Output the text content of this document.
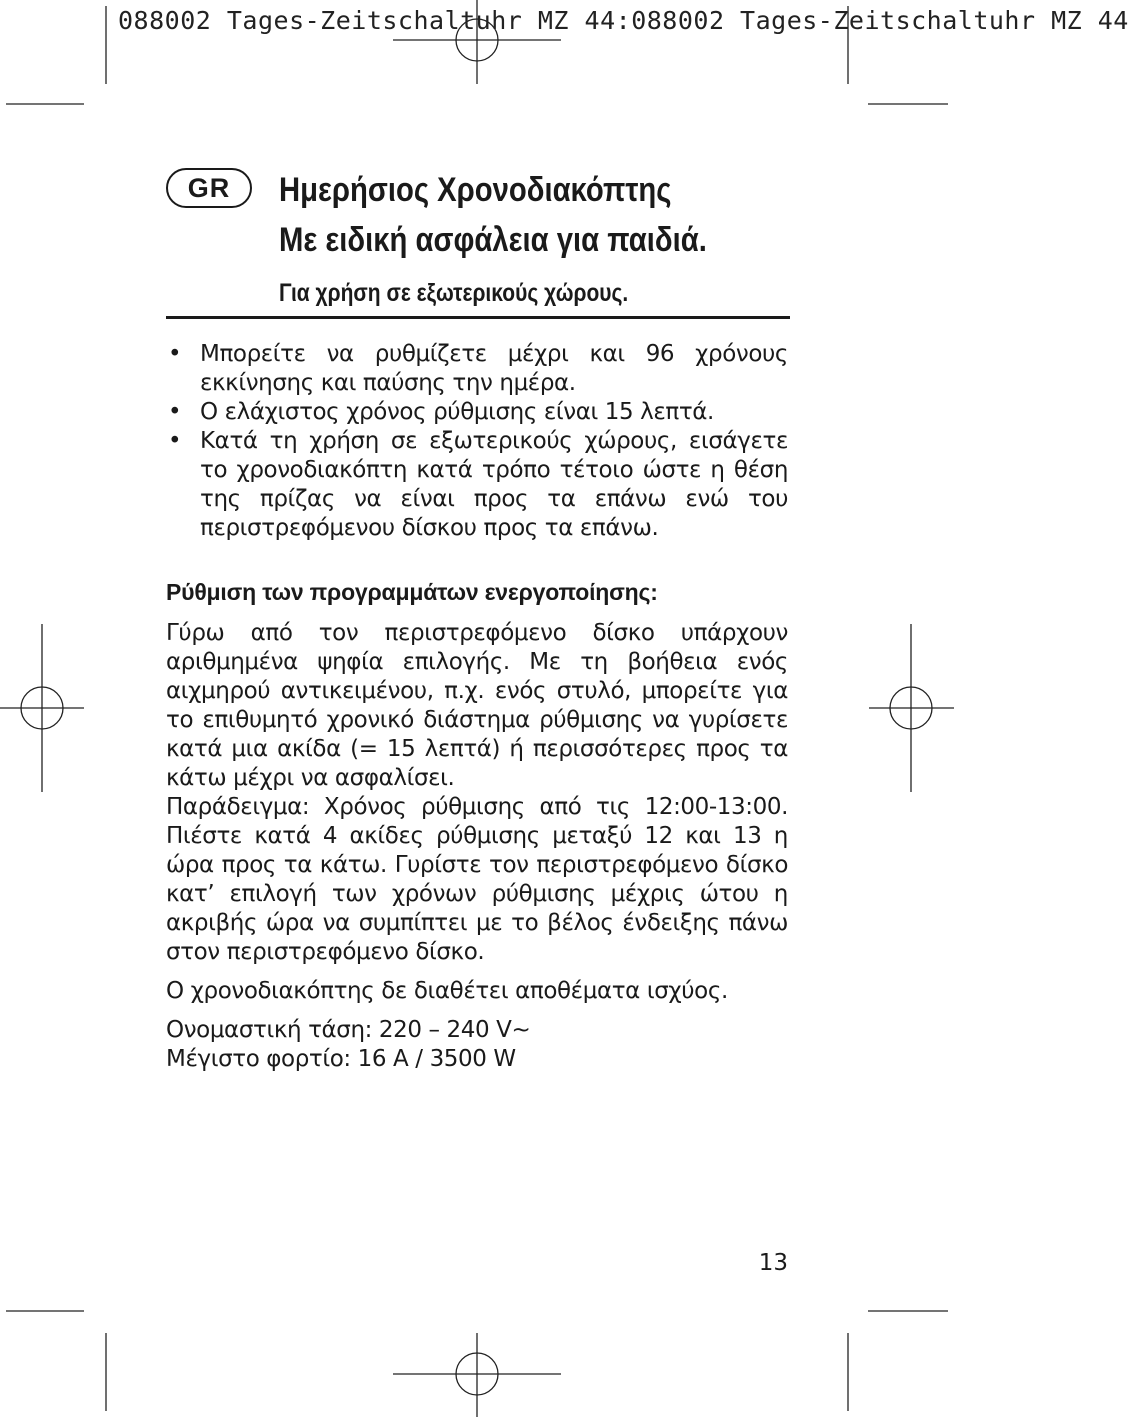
088002 Tages-Zeitschaltuhr MZ 44:088002 Tages-Zeitschaltuhr MZ 44
GR	Ημερήσιος Χρονοδιακόπτης
Με ειδική ασφάλεια για παιδιά.
Για χρήση σε εξωτερικούς χώρους.
• Μπορείτε να ρυθμίζετε μέχρι και 96 χρόνους εκκίνησης και παύσης την ημέρα.
• Ο ελάχιστος χρόνος ρύθμισης είναι 15 λεπτά.
• Κατά τη χρήση σε εξωτερικούς χώρους, εισάγετε το χρονοδιακόπτη κατά τρόπο τέτοιο ώστε η θέση της πρίζας να είναι προς τα επάνω ενώ του περιστρεφόμενου δίσκου προς τα επάνω.
Ρύθμιση των προγραμμάτων ενεργοποίησης:

Γύρω από τον περιστρεφόμενο δίσκο υπάρχουν αριθμημένα ψηφία επιλογής. Με τη βοήθεια ενός αιχμηρού αντικειμένου, π.χ. ενός στυλό, μπορείτε για το επιθυμητό χρονικό διάστημα ρύθμισης να γυρίσετε κατά μια ακίδα (= 15 λεπτά) ή περισσότερες προς τα κάτω μέχρι να ασφαλίσει.

Παράδειγμα: Χρόνος ρύθμισης από τις 12:00-13:00. Πιέστε κατά 4 ακίδες ρύθμισης μεταξύ 12 και 13 η ώρα προς τα κάτω. Γυρίστε τον περιστρεφόμενο δίσκο κατ’ επιλογή των χρόνων ρύθμισης μέχρις ώτου η ακριβής ώρα να συμπίπτει με το βέλος ένδειξης πάνω στον περιστρεφόμενο δίσκο.

Ο χρονοδιακόπτης δε διαθέτει αποθέματα ισχύος.

Ονομαστική τάση: 220 – 240 V~
Μέγιστο φορτίο: 16 A / 3500 W
13
